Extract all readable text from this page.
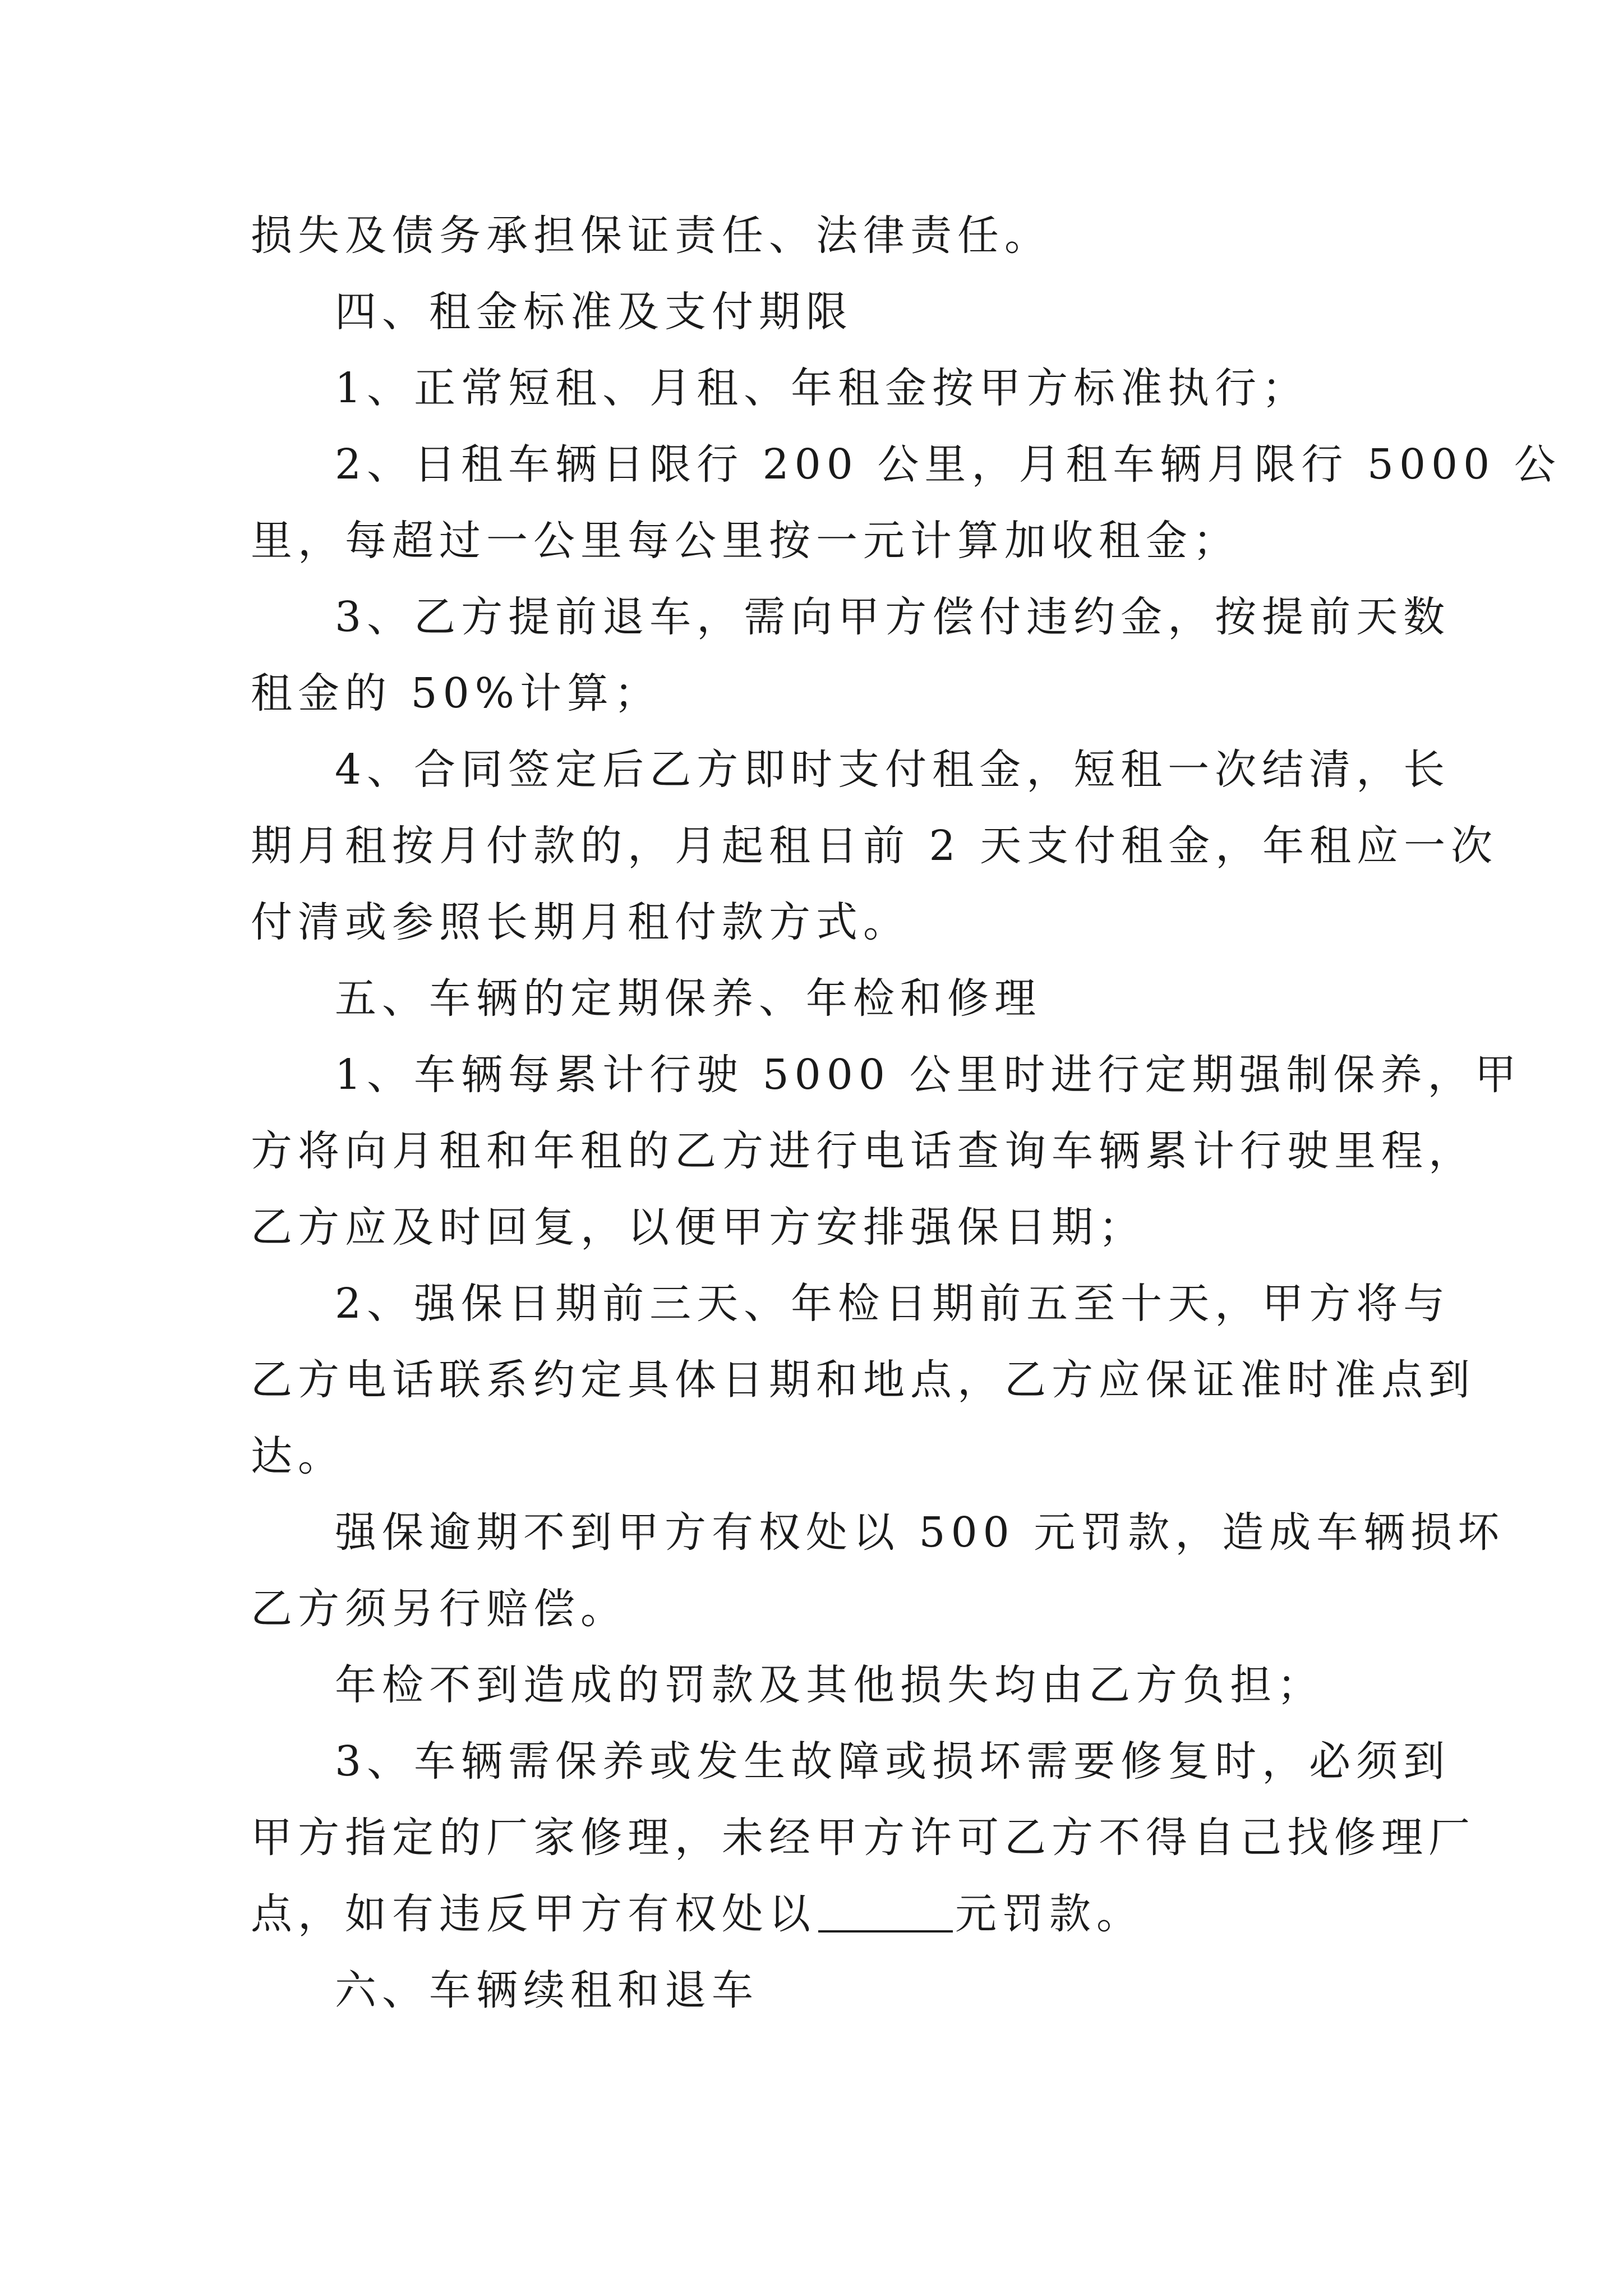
损失及债务承担保证责任、法律责任。
四、租金标准及支付期限
1、正常短租、月租、年租金按甲方标准执行；
2、日租车辆日限行 200 公里，月租车辆月限行 5000 公
里，每超过一公里每公里按一元计算加收租金；
3、乙方提前退车，需向甲方偿付违约金，按提前天数
租金的 50%计算；
4、合同签定后乙方即时支付租金，短租一次结清，长
期月租按月付款的，月起租日前 2 天支付租金，年租应一次
付清或参照长期月租付款方式。
五、车辆的定期保养、年检和修理
1、车辆每累计行驶 5000 公里时进行定期强制保养，甲
方将向月租和年租的乙方进行电话查询车辆累计行驶里程，
乙方应及时回复，以便甲方安排强保日期；
2、强保日期前三天、年检日期前五至十天，甲方将与
乙方电话联系约定具体日期和地点，乙方应保证准时准点到
达。
强保逾期不到甲方有权处以 500 元罚款，造成车辆损坏
乙方须另行赔偿。
年检不到造成的罚款及其他损失均由乙方负担；
3、车辆需保养或发生故障或损坏需要修复时，必须到
甲方指定的厂家修理，未经甲方许可乙方不得自己找修理厂
点，如有违反甲方有权处以	元罚款。
六、车辆续租和退车
